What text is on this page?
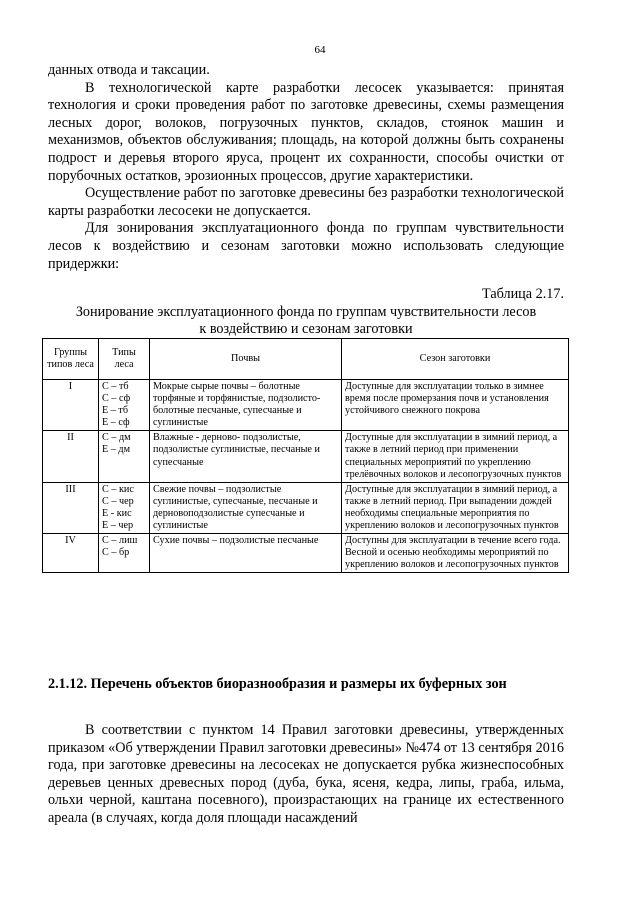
64

данных отвода и таксации.

В технологической карте разработки лесосек указывается: принятая технология и сроки проведения работ по заготовке древесины, схемы размещения лесных дорог, волоков, погрузочных пунктов, складов, стоянок машин и механизмов, объектов обслуживания; площадь, на которой должны быть сохранены подрост и деревья второго яруса, процент их сохранности, способы очистки от порубочных остатков, эрозионных процессов, другие характеристики.

Осуществление работ по заготовке древесины без разработки технологической карты разработки лесосеки не допускается.

Для зонирования эксплуатационного фонда по группам чувствительности лесов к воздействию и сезонам заготовки можно использовать следующие придержки:

Таблица 2.17.
Зонирование эксплуатационного фонда по группам чувствительности лесов
к воздействию и сезонам заготовки
Группы типов леса	Типы леса	Почвы	Сезон заготовки
I	С – тб
С – сф
Е – тб
Е – сф	Мокрые сырые почвы – болотные торфяные и торфянистые, подзолисто-болотные песчаные, супесчаные и суглинистые	Доступные для эксплуатации только в зимнее время после промерзания почв и установления устойчивого снежного покрова
II	С – дм
Е – дм	Влажные - дерново- подзолистые, подзолистые суглинистые, песчаные и супесчаные	Доступные для эксплуатации в зимний период, а также в летний период при применении специальных мероприятий по укреплению трелёвочных волоков и лесопогрузочных пунктов
III	С – кис
С – чер
Е - кис
Е – чер	Свежие почвы – подзолистые суглинистые, супесчаные, песчаные и дерновоподзолистые супесчаные и суглинистые	Доступные для эксплуатации в зимний период, а также в летний период. При выпадении дождей необходимы специальные мероприятия по укреплению волоков и лесопогрузочных пунктов
IV	С – лиш
С – бр	Сухие почвы – подзолистые песчаные	Доступны для эксплуатации в течение всего года. Весной и осенью необходимы мероприятий по укреплению волоков и лесопогрузочных пунктов
2.1.12. Перечень объектов биоразнообразия и размеры их буферных зон

В соответствии с пунктом 14 Правил заготовки древесины, утвержденных приказом «Об утверждении Правил заготовки древесины» №474 от 13 сентября 2016 года, при заготовке древесины на лесосеках не допускается рубка жизнеспособных деревьев ценных древесных пород (дуба, бука, ясеня, кедра, липы, граба, ильма, ольхи черной, каштана посевного), произрастающих на границе их естественного ареала (в случаях, когда доля площади насаждений
